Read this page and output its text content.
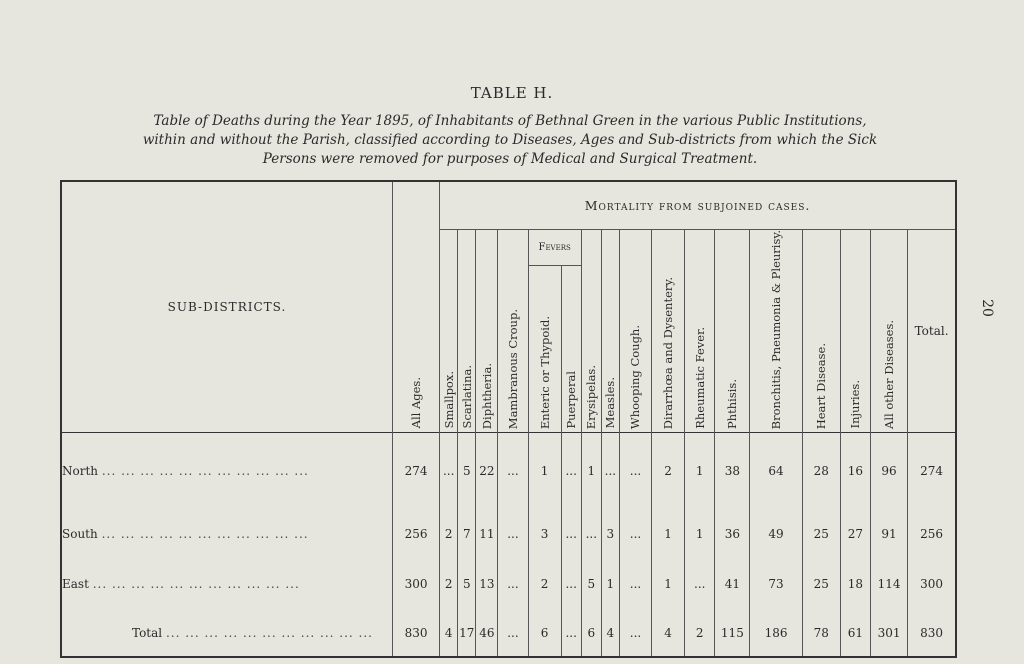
20
TABLE H.
Table of Deaths during the Year 1895, of Inhabitants of Bethnal Green in the various Public Institutions,
within and without the Parish, classified according to Diseases, Ages and Sub-districts from which the Sick
Persons were removed for purposes of Medical and Surgical Treatment.
SUB-DISTRICTS.	All Ages.	Mortality from subjoined cases.																
		Smallpox.	Scarlatina.	Diphtheria.	Mambranous Croup.	Fevers		Erysipelas.	Measles.	Whooping Cough.	Dirarrhœa and Dysentery.	Rheumatic Fever.	Phthisis.	Bronchitis, Pneumonia & Pleurisy.	Heart Disease.	Injuries.	All other Diseases.	Total.
						Enteric or Thypoid.	Puerperal											

North ... ... ... ... ... ... ... ... ... ... ...	274	...	5	22	...	1	...	1	...	...	2	1	38	64	28	16	96	274
South ... ... ... ... ... ... ... ... ... ... ...	256	2	7	11	...	3	...	...	3	...	1	1	36	49	25	27	91	256
East ... ... ... ... ... ... ... ... ... ... ...	300	2	5	13	...	2	...	5	1	...	1	...	41	73	25	18	114	300
Total ... ... ... ... ... ... ... ... ... ... ...	830	4	17	46	...	6	...	6	4	...	4	2	115	186	78	61	301	830
